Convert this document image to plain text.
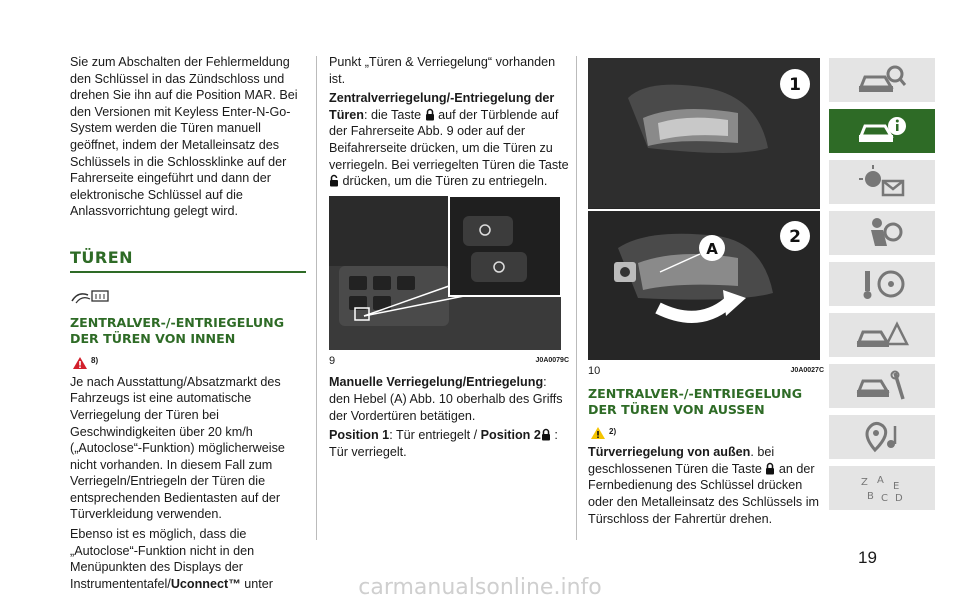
Sie zum Abschalten der Fehlermeldung den Schlüssel in das Zündschloss und drehen Sie ihn auf die Position MAR. Bei den Versionen mit Keyless Enter-N-Go-System werden die Türen manuell geöffnet, indem der Metalleinsatz des Schlüssels in die Schlossklinke auf der Fahrerseite eingeführt und dann der elektronische Schlüssel auf die Anlassvorrichtung gelegt wird.

TÜREN
ZENTRALVER-/-ENTRIEGELUNG DER TÜREN VON INNEN
8)

Je nach Ausstattung/Absatzmarkt des Fahrzeugs ist eine automatische Verriegelung der Türen bei Geschwindigkeiten über 20 km/h („Autoclose“-Funktion) möglicherweise nicht vorhanden. In diesem Fall zum Verriegeln/Entriegeln der Türen die entsprechenden Bedientasten auf der Türverkleidung verwenden.

Ebenso ist es möglich, dass die „Autoclose“-Funktion nicht in den Menüpunkten des Displays der Instrumententafel/Uconnect™ unter

Punkt „Türen & Verriegelung“ vorhanden ist.

Zentralverriegelung/-Entriegelung der Türen: die Taste  auf der Türblende auf der Fahrerseite Abb. 9 oder auf der Beifahrerseite drücken, um die Türen zu verriegeln. Bei verriegelten Türen die Taste  drücken, um die Türen zu entriegeln.

9	J0A0079C

Manuelle Verriegelung/Entriegelung: den Hebel (A) Abb. 10 oberhalb des Griffs der Vordertüren betätigen.

Position 1: Tür entriegelt / Position 2 : Tür verriegelt.

1
2
A
10	J0A0027C
ZENTRALVER-/-ENTRIEGELUNG DER TÜREN VON AUSSEN
2)

Türverriegelung von außen. bei geschlossenen Türen die Taste  an der Fernbedienung des Schlüssel drücken oder den Metalleinsatz des Schlüssels im Türschloss der Fahrertür drehen.

Z A
E
B C D
19
carmanualsonline.info
